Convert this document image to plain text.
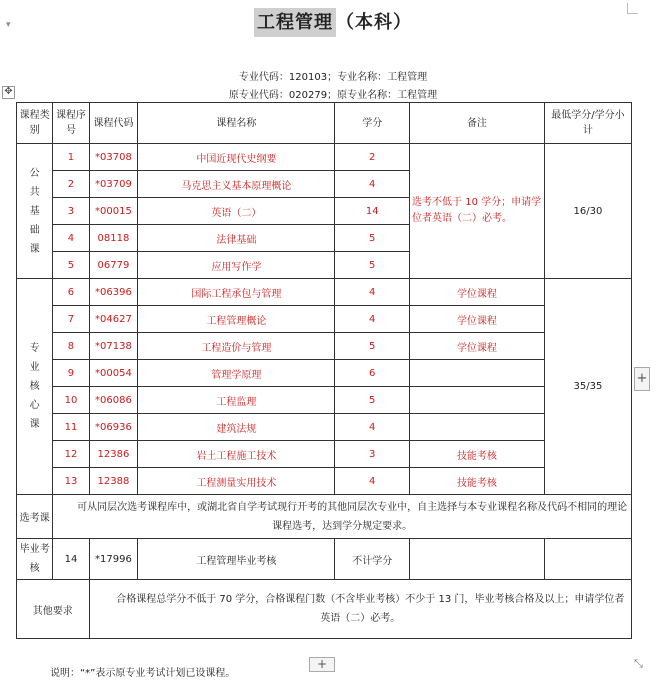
▾	工程管理 （本科）
专业代码：120103；专业名称：工程管理
原专业代码：020279；原专业名称：工程管理
✥
课程类别	课程序号	课程代码	课程名称	学分	备注	最低学分/学分小计
公共基础课	1	*03708	中国近现代史纲要	2	选考不低于 10 学分；申请学位者英语（二）必考。	16/30
	2	*03709	马克思主义基本原理概论	4		
	3	*00015	英语（二）	14		
	4	08118	法律基础	5		
	5	06779	应用写作学	5		
专业核心课	6	*06396	国际工程承包与管理	4	学位课程	35/35
	7	*04627	工程管理概论	4	学位课程	
	8	*07138	工程造价与管理	5	学位课程	
	9	*00054	管理学原理	6		
	10	*06086	工程监理	5		
	11	*06936	建筑法规	4		
	12	12386	岩土工程施工技术	3	技能考核	
	13	12388	工程测量实用技术	4	技能考核	
选考课	可从同层次选考课程库中，或湖北省自学考试现行开考的其他同层次专业中，自主选择与本专业课程名称及代码不相同的理论课程选考，达到学分规定要求。					
毕业考核	14	*17996	工程管理毕业考核	不计学分		
其他要求		合格课程总学分不低于 70 学分，合格课程门数（不含毕业考核）不少于 13 门，毕业考核合格及以上；申请学位者英语（二）必考。				
说明：“*”表示原专业考试计划已设课程。
+
+	⤡
